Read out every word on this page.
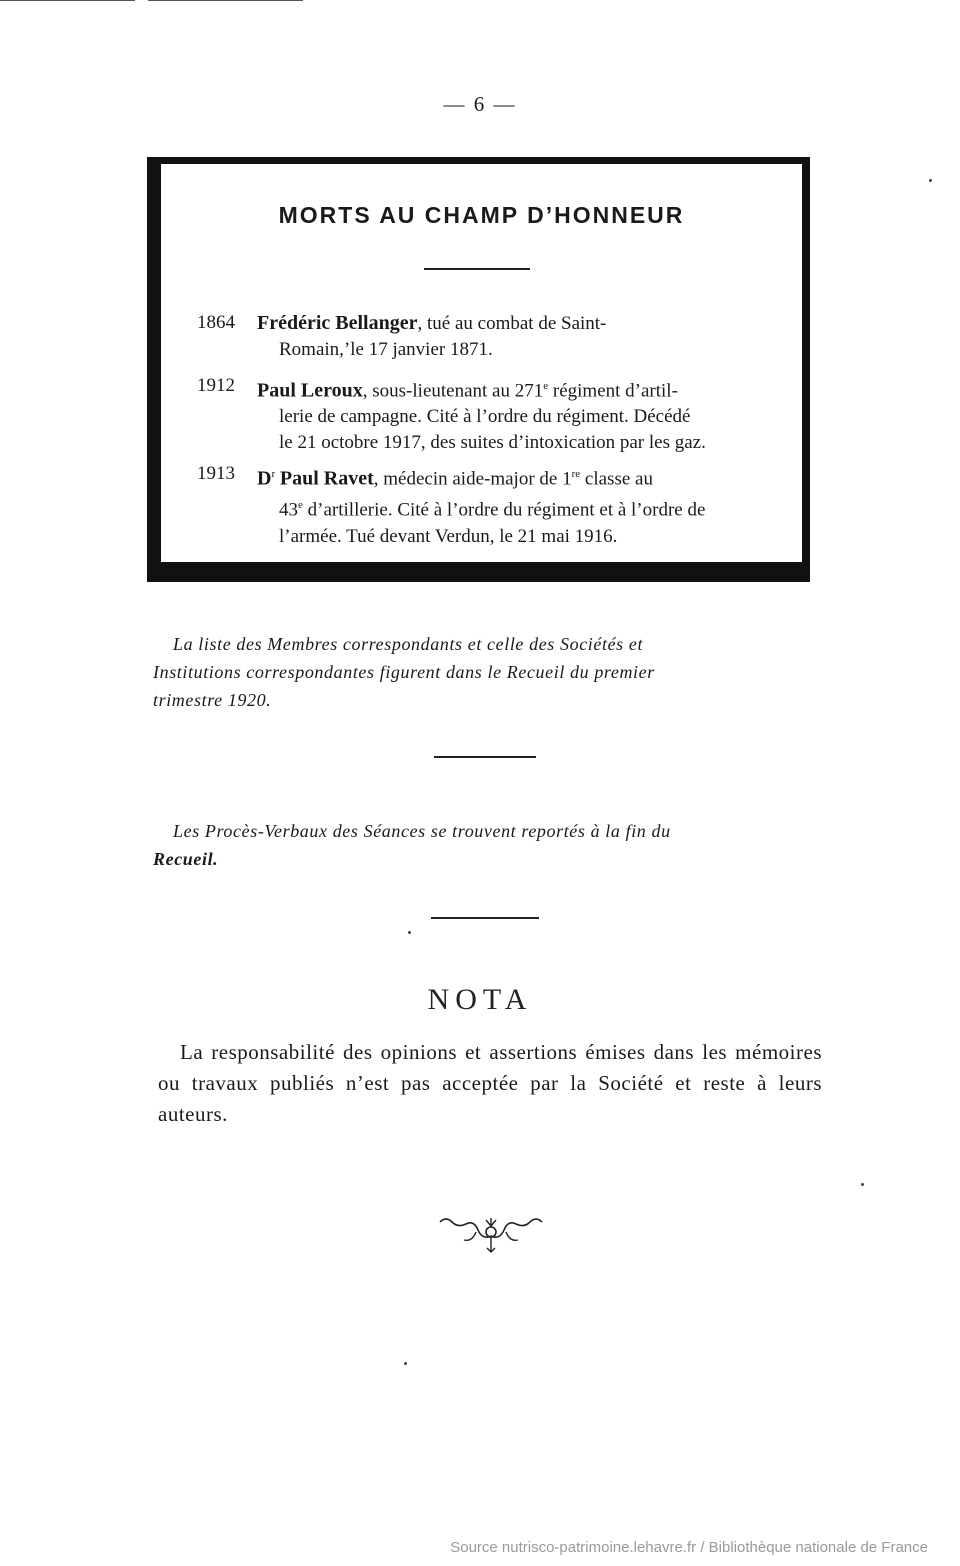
— 6 —
MORTS AU CHAMP D’HONNEUR
1864	Frédéric Bellanger, tué au combat de Saint-
Romain,’le 17 janvier 1871.
1912	Paul Leroux, sous-lieutenant au 271e régiment d’artil-
lerie de campagne. Cité à l’ordre du régiment. Décédé
le 21 octobre 1917, des suites d’intoxication par les gaz.
1913	$D^r$ Paul Ravet, médecin aide-major de 1re classe au
43e d’artillerie. Cité à l’ordre du régiment et à l’ordre de
l’armée. Tué devant Verdun, le 21 mai 1916.
La liste des Membres correspondants et celle des Sociétés et
Institutions correspondantes figurent dans le Recueil du premier
trimestre 1920.
Les Procès-Verbaux des Séances se trouvent reportés à la fin du
Recueil.
NOTA
La responsabilité des opinions et assertions émises dans les mémoires ou travaux publiés n’est pas acceptée par la Société et reste à leurs auteurs.
Source nutrisco-patrimoine.lehavre.fr / Bibliothèque nationale de France
